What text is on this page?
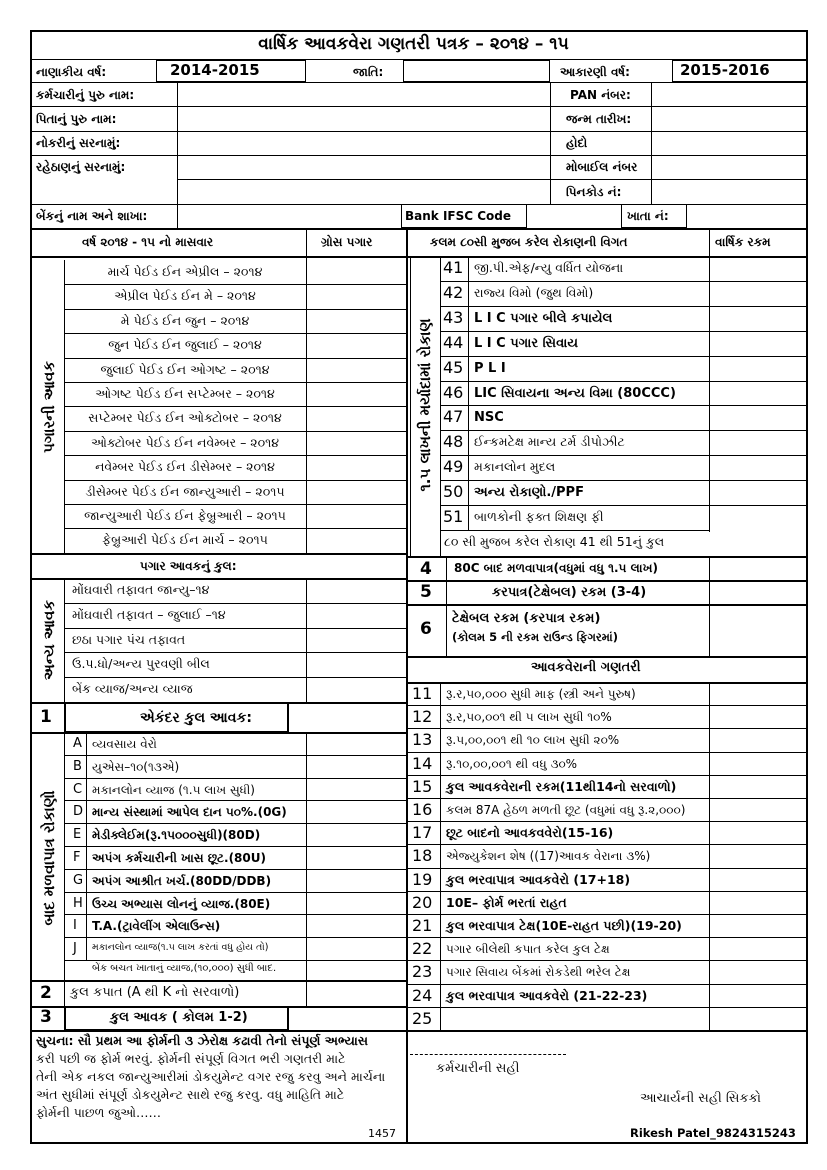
વાર્ષિક આવકવેરા ગણતરી પત્રક – ૨૦૧૪ – ૧૫
નાણાકીય વર્ષ:	2014-2015	જાતિ:	આકારણી વર્ષ:	2015-2016
કર્મચારીનું પુરુ નામ:	PAN નંબર:
પિતાનું પુરુ નામ:	જન્મ તારીખ:
નોકરીનું સરનામું:	હોદો
રહેઠાણનું સરનામું:	મોબાઈલ નંબર
પિનકોડ નં:
બેંકનું નામ અને શાખા:	Bank IFSC Code	ખાતા નં:
વર્ષ ૨૦૧૪ - ૧૫ નો માસવાર	ગ્રોસ પગાર	કલમ ૮૦સી મુજબ કરેલ રોકાણની વિગત	વાર્ષિક રકમ
પગારની આવક
માર્ચ પેઈડ ઈન એપ્રીલ – ૨૦૧૪
એપ્રીલ પેઈડ ઈન મે – ૨૦૧૪
મે પેઈડ ઈન જુન – ૨૦૧૪
જુન પેઈડ ઈન જુલાઈ – ૨૦૧૪
જુલાઈ પેઈડ ઈન ઓગષ્ટ – ૨૦૧૪
ઓગષ્ટ પેઈડ ઈન સપ્ટેમ્બર – ૨૦૧૪
સપ્ટેમ્બર પેઈડ ઈન ઓક્ટોબર – ૨૦૧૪
ઓક્ટોબર પેઈડ ઈન નવેમ્બર – ૨૦૧૪
નવેમ્બર પેઈડ ઈન ડીસેમ્બર – ૨૦૧૪
ડીસેમ્બર પેઈડ ઈન જાન્યુઆરી – ૨૦૧૫
જાન્યુઆરી પેઈડ ઈન ફેબ્રુઆરી – ૨૦૧૫
ફેબ્રુઆરી પેઈડ ઈન માર્ચ – ૨૦૧૫
પગાર આવકનું કુલ:
અન્ય આવક
મોંઘવારી તફાવત જાન્યુ–૧૪
મોંઘવારી તફાવત – જુલાઈ –૧૪
છઠા પગાર પંચ તફાવત
ઉ.પ.ધો/અન્ય પુરવણી બીલ
બેંક વ્યાજ/અન્ય વ્યાજ
1	એકંદર કુલ આવક:
બાદ મળવાપાત્ર રોકાણો
A વ્યવસાય વેરો
B યુએસ–૧૦(૧૩એ)
C મકાનલોન વ્યાજ (૧.૫ લાખ સુધી)
D માન્ય સંસ્થામાં આપેલ દાન ૫૦%.(0G)
E મેડીક્લેઈમ(રૂ.૧૫૦૦૦સુધી)(80D)
F અપંગ કર્મચારીની ખાસ છૂટ.(80U)
G અપંગ આશ્રીત ખર્ચ.(80DD/DDB)
H ઉચ્ચ અભ્યાસ લોનનું વ્યાજ.(80E)
I T.A.(ટ્રાવેલીંગ એલાઉન્સ)
J મકાનલોન વ્યાજ(૧.૫ લાખ કરતાં વધુ હોય તો)
બેંક બચત ખાતાનું વ્યાજ,(૧૦,૦૦૦) સુધી બાદ.
2 કુલ કપાત (A થી K નો સરવાળો)
3	કુલ આવક ( કોલમ 1-2)
૧.૫ લાખની મર્યાદામાં રોકાણ
41 જી.પી.એફ/ન્યુ વર્ધિત યોજના
42 રાજ્ય વિમો (જુથ વિમો)
43 L I C પગાર બીલે કપાયેલ
44 L I C પગાર સિવાય
45 P L I
46 LIC સિવાયના અન્ય વિમા (80CCC)
47 NSC
48 ઈન્કમટેક્ષ માન્ય ટર્મ ડીપોઝીટ
49 મકાનલોન મુદલ
50 અન્ય રોકાણો./PPF
51 બાળકોની ફક્ત શિક્ષણ ફી
૮૦ સી મુજબ કરેલ રોકાણ 41 થી 51નું કુલ
4 80C બાદ મળવાપાત્ર(વધુમાં વધુ ૧.૫ લાખ)
5	કરપાત્ર(ટેક્ષેબલ) રકમ (3-4)
6
ટેક્ષેબલ રકમ (કરપાત્ર રકમ)
(કોલમ 5 ની રકમ રાઉન્ડ ફિગરમાં)
આવકવેરાની ગણતરી
11 રૂ.ર,૫૦,૦૦૦ સુધી માફ (સ્ત્રી અને પુરુષ)
12 રૂ.ર,૫૦,૦૦૧ થી ૫ લાખ સુધી ૧૦%
13 રૂ.૫,૦૦,૦૦૧ થી ૧૦ લાખ સુધી ૨૦%
14 રૂ.૧૦,૦૦,૦૦૧ થી વધુ ૩૦%
15 કુલ આવકવેરાની રકમ(11થી14નો સરવાળો)
16 કલમ 87A હેઠળ મળતી છૂટ (વધુમાં વધુ રૂ.૨,૦૦૦)
17 છૂટ બાદનો આવકવવેરો(15-16)
18 એજ્યુકેશન શેષ ((17)આવક વેરાના ૩%)
19 કુલ ભરવાપાત્ર આવકવેરો (17+18)
20 10E– ફોર્મ ભરતાં રાહત
21 કુલ ભરવાપાત્ર ટેક્ષ(10E-રાહત પછી)(19-20)
22 પગાર બીલેથી કપાત કરેલ કુલ ટેક્ષ
23 પગાર સિવાય બેંકમાં રોકડેથી ભરેલ ટેક્ષ
24 કુલ ભરવાપાત્ર આવકવેરો (21-22-23)
25
સુચના: સૌ પ્રથમ આ ફોર્મની ૩ ઝેરોક્ષ કઢાવી તેનો સંપૂર્ણ અભ્યાસ
કરી પછી જ ફોર્મ ભરવું. ફોર્મની સંપૂર્ણ વિગત ભરી ગણતરી માટે
તેની એક નકલ જાન્યુઆરીમાં ડોકયુમેન્ટ વગર રજુ કરવુ અને માર્ચના
અંત સુધીમાં સંપૂર્ણ ડોકયુમેન્ટ સાથે રજુ કરવુ. વધુ માહિતિ માટે
ફોર્મની પાછળ જુઓ……
1457
કર્મચારીની સહી
આચાર્યની સહી સિકકો
Rikesh Patel_9824315243
